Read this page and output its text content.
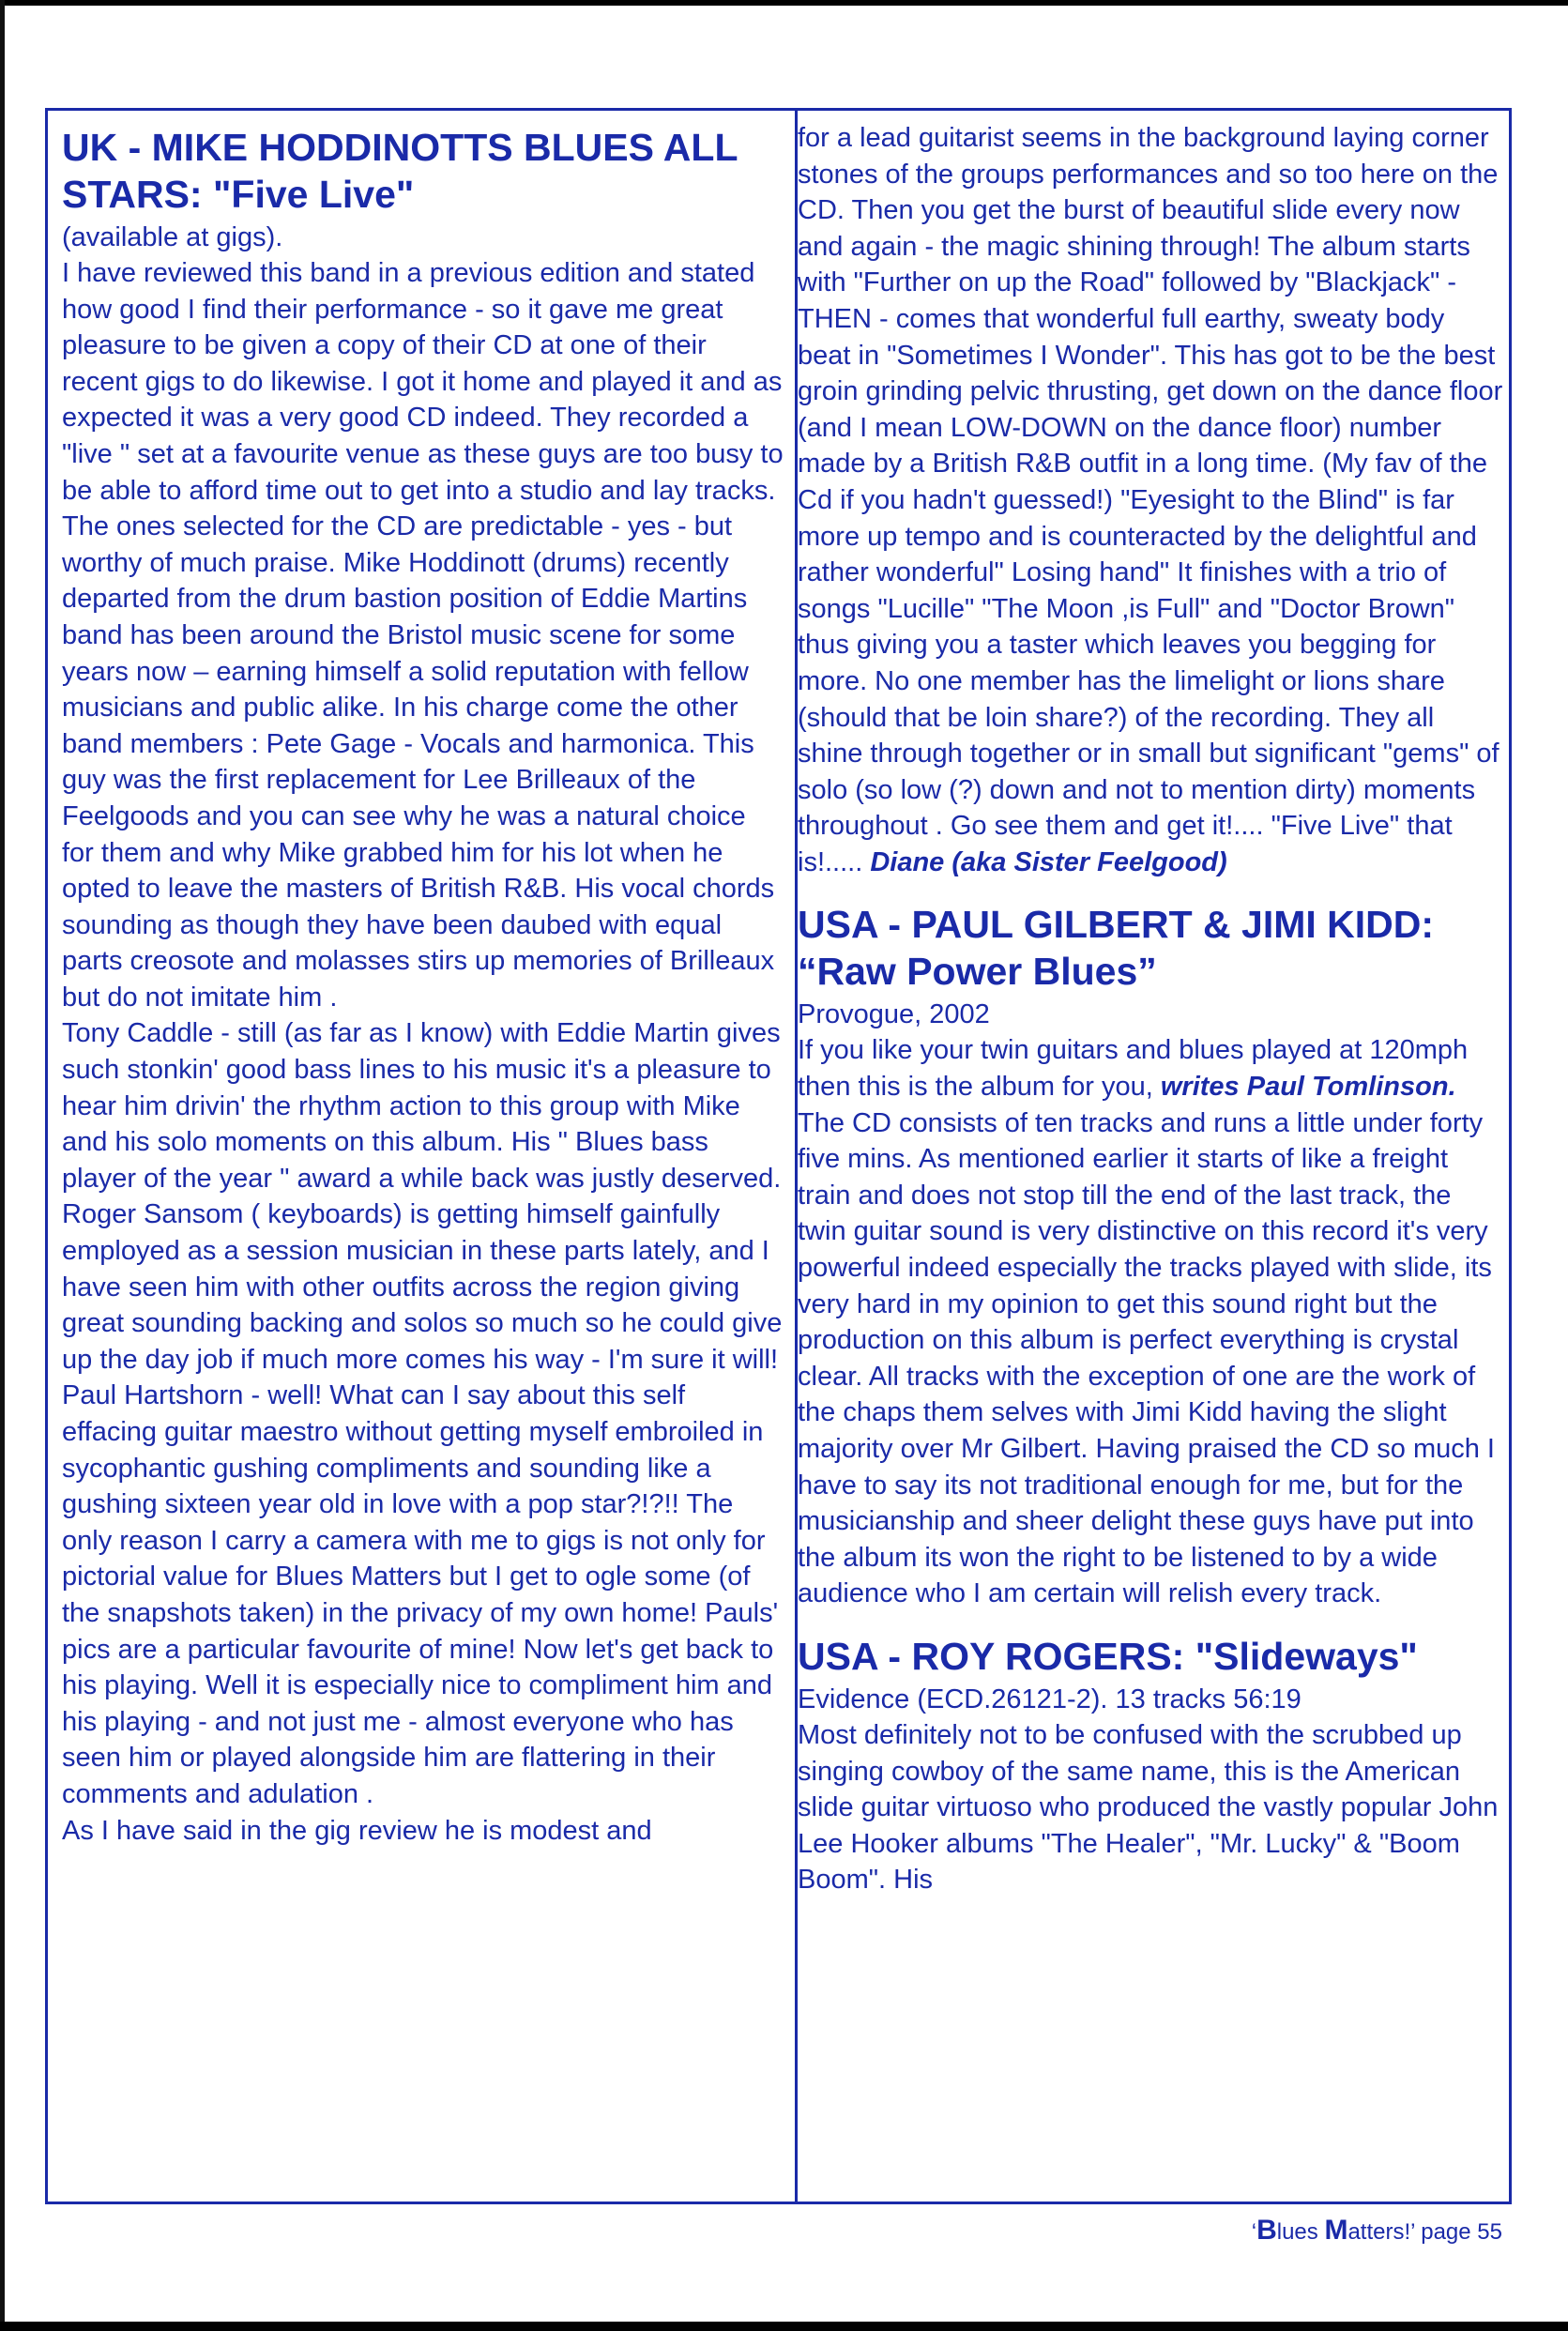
UK - MIKE HODDINOTTS BLUES ALL STARS: "Five Live"

(available at gigs).

I have reviewed this band in a previous edition and stated how good I find their performance - so it gave me great pleasure to be given a copy of their CD at one of their recent gigs to do likewise. I got it home and played it and as expected it was a very good CD indeed. They recorded a "live " set at a favourite venue as these guys are too busy to be able to afford time out to get into a studio and lay tracks. The ones selected for the CD are predictable - yes - but worthy of much praise. Mike Hoddinott (drums) recently departed from the drum bastion position of Eddie Martins band has been around the Bristol music scene for some years now – earning himself a solid reputation with fellow musicians and public alike. In his charge come the other band members : Pete Gage - Vocals and harmonica. This guy was the first replacement for Lee Brilleaux of the Feelgoods and you can see why he was a natural choice for them and why Mike grabbed him for his lot when he opted to leave the masters of British R&B. His vocal chords sounding as though they have been daubed with equal parts creosote and molasses stirs up memories of Brilleaux but do not imitate him .

Tony Caddle - still (as far as I know) with Eddie Martin gives such stonkin' good bass lines to his music it's a pleasure to hear him drivin' the rhythm action to this group with Mike and his solo moments on this album. His " Blues bass player of the year " award a while back was justly deserved. Roger Sansom ( keyboards) is getting himself gainfully employed as a session musician in these parts lately, and I have seen him with other outfits across the region giving great sounding backing and solos so much so he could give up the day job if much more comes his way - I'm sure it will! Paul Hartshorn - well! What can I say about this self effacing guitar maestro without getting myself embroiled in sycophantic gushing compliments and sounding like a gushing sixteen year old in love with a pop star?!?!! The only reason I carry a camera with me to gigs is not only for pictorial value for Blues Matters but I get to ogle some (of the snapshots taken) in the privacy of my own home! Pauls' pics are a particular favourite of mine! Now let's get back to his playing. Well it is especially nice to compliment him and his playing - and not just me - almost everyone who has seen him or played alongside him are flattering in their comments and adulation .

As I have said in the gig review he is modest and

for a lead guitarist seems in the background laying corner stones of the groups performances and so too here on the CD. Then you get the burst of beautiful slide every now and again - the magic shining through! The album starts with "Further on up the Road" followed by "Blackjack" - THEN - comes that wonderful full earthy, sweaty body beat in "Sometimes I Wonder". This has got to be the best groin grinding pelvic thrusting, get down on the dance floor (and I mean LOW-DOWN on the dance floor) number made by a British R&B outfit in a long time. (My fav of the Cd if you hadn't guessed!) "Eyesight to the Blind" is far more up tempo and is counteracted by the delightful and rather wonderful" Losing hand" It finishes with a trio of songs "Lucille" "The Moon ,is Full" and "Doctor Brown" thus giving you a taster which leaves you begging for more. No one member has the limelight or lions share (should that be loin share?) of the recording. They all shine through together or in small but significant "gems" of solo (so low (?) down and not to mention dirty) moments throughout . Go see them and get it!.... "Five Live" that is!..... Diane (aka Sister Feelgood)

USA - PAUL GILBERT & JIMI KIDD: “Raw Power Blues”

Provogue, 2002

If you like your twin guitars and blues played at 120mph then this is the album for you, writes Paul Tomlinson. The CD consists of ten tracks and runs a little under forty five mins. As mentioned earlier it starts of like a freight train and does not stop till the end of the last track, the twin guitar sound is very distinctive on this record it's very powerful indeed especially the tracks played with slide, its very hard in my opinion to get this sound right but the production on this album is perfect everything is crystal clear. All tracks with the exception of one are the work of the chaps them selves with Jimi Kidd having the slight majority over Mr Gilbert. Having praised the CD so much I have to say its not traditional enough for me, but for the musicianship and sheer delight these guys have put into the album its won the right to be listened to by a wide audience who I am certain will relish every track.

USA - ROY ROGERS: "Slideways"

Evidence (ECD.26121-2). 13 tracks 56:19

Most definitely not to be confused with the scrubbed up singing cowboy of the same name, this is the American slide guitar virtuoso who produced the vastly popular John Lee Hooker albums "The Healer", "Mr. Lucky" & "Boom Boom". His

‘Blues Matters!’ page 55
